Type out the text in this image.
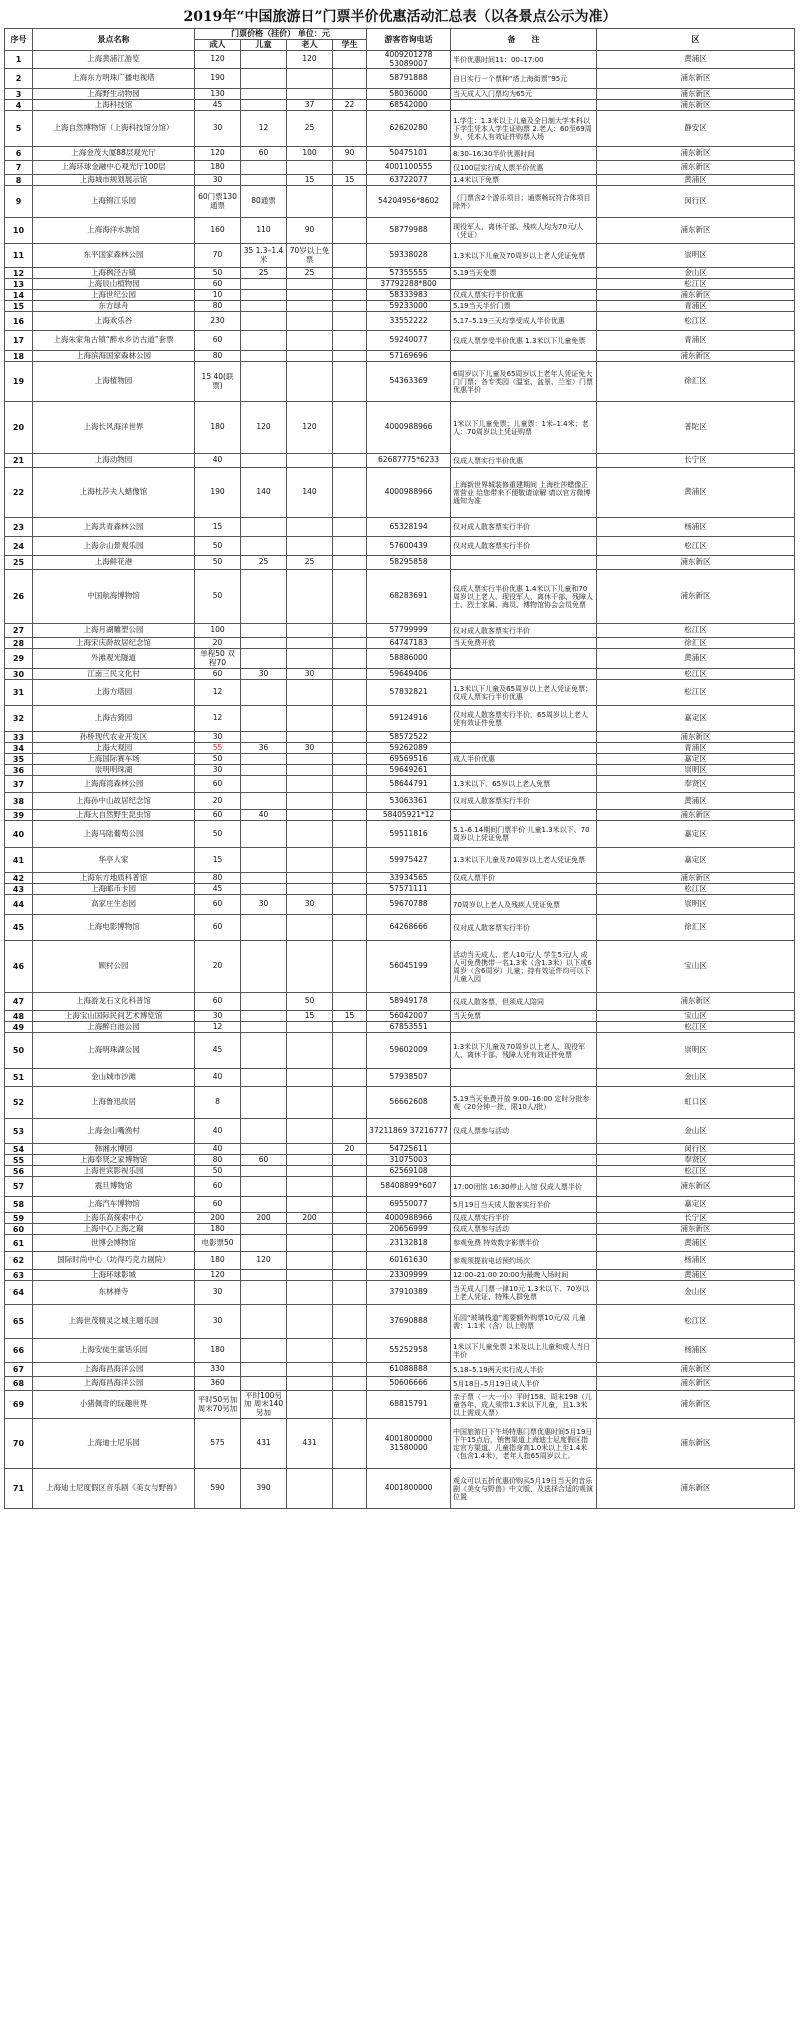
2019年“中国旅游日”门票半价优惠活动汇总表（以各景点公示为准）
序号	景点名称	门票价格（挂价） 单位：元				游客咨询电话	备　　注	区
		成人	儿童	老人	学生			
1	上海黄浦江游览	120		120		4009201278 53089007	半价优惠时间11：00–17:00	黄浦区
2	上海东方明珠广播电视塔	190				58791888	自日实行一个票种“塔上海街票”95元	浦东新区
3	上海野生动物园	130				58036000	当天成人入门票均为65元	浦东新区
4	上海科技馆	45		37	22	68542000		浦东新区
5	上海自然博物馆（上海科技馆分馆）	30	12	25		62620280	1.学生：1.3米以上儿童及全日制大学本科以下学生凭本人学生证购票 2.老人：60至69周岁，凭本人有效证件购票入场	静安区
6	上海金茂大厦88层观光厅	120	60	100	90	50475101	8:30–16:30半价优惠时间	浦东新区
7	上海环球金融中心观光厅100层	180				4001100555	仅100层实行成人票半价优惠	浦东新区
8	上海城市规划展示馆	30		15	15	63722077	1.4米以下免票	黄浦区
9	上海锦江乐园	60门票130通票	80通票			54204956*8602	（门票含2个游乐项目；通票畅玩符合体项目除外）	闵行区
10	上海海洋水族馆	160	110	90		58779988	现役军人、离休干部、残疾人均为70元/人（凭证）	浦东新区
11	东平国家森林公园	70	35 1.3–1.4米	70岁以上免票		59338028	1.3米以下儿童及70周岁以上老人凭证免票	崇明区
12	上海枫泾古镇	50	25	25		57355555	5.19当天免票	金山区
13	上海辰山植物园	60				37792288*800		松江区
14	上海世纪公园	10				58333983	仅成人票实行半价优惠	浦东新区
15	东方绿舟	80				59233000	5.19当天半价门票	青浦区
16	上海欢乐谷	230				33552222	5.17–5.19三天均享受成人半价优惠	松江区
17	上海朱家角古镇“醉水乡访古道”套票	60				59240077	仅成人票享受半价优惠 1.3米以下儿童免票	青浦区
18	上海滨海国家森林公园	80				57169696		浦东新区
19	上海植物园	15 40(联票)				54363369	6周岁以下儿童及65周岁以上老年人凭证免大门门票；各专类园（温室、盆景、兰室）门票优惠半价	徐汇区
20	上海长风海洋世界	180	120	120		4000988966	1米以下儿童免票；儿童票：1米–1.4米；老人：70周岁以上凭证购票	普陀区
21	上海动物园	40				62687775*6233	仅成人票实行半价优惠	长宁区
22	上海杜莎夫人蜡像馆	190	140	140		4000988966	上海新世界城装修重建期间 上海杜莎蜡像正常营业 给您带来不便敬请谅解 请以官方微博通知为准	黄浦区
23	上海共青森林公园	15				65328194	仅对成人散客票实行半价	杨浦区
24	上海佘山景观乐园	50				57600439	仅对成人散客票实行半价	松江区
25	上海鲜花港	50	25	25		58295858		浦东新区
26	中国航海博物馆	50				68283691	仅成人票实行半价优惠 1.4米以下儿童和70周岁以上老人、现役军人、离休干部、残障人士、烈士家属、海员、博物馆协会会员免票	浦东新区
27	上海月湖雕塑公园	100				57799999	仅对成人散客票实行半价	松江区
28	上海宋庆龄故居纪念馆	20				64747183	当天免费开放	徐汇区
29	外滩观光隧道	单程50 双程70				58886000		黄浦区
30	江南三民文化村	60	30	30		59649406		松江区
31	上海方塔园	12				57832821	1.3米以下儿童及65周岁以上老人凭证免票；仅成人票实行半价优惠	松江区
32	上海古猗园	12				59124916	仅对成人散客票实行半价，65周岁以上老人凭有效证件免票	嘉定区
33	孙桥现代农业开发区	30				58572522		浦东新区
34	上海大观园	55	36	30		59262089		青浦区
35	上海国际赛车场	50				69569516	成人半价优惠	嘉定区
36	崇明明珠湖	30				59649261		崇明区
37	上海海湾森林公园	60				58644791	1.3米以下、65岁以上老人免票	奉贤区
38	上海孙中山故居纪念馆	20				53063361	仅对成人散客票实行半价	黄浦区
39	上海大自然野生昆虫馆	60	40			58405921*12		浦东新区
40	上海马陆葡萄公园	50				59511816	5.1–6.14期间门票半价 儿童1.3米以下、70周岁以上凭证免票	嘉定区
41	华亭人家	15				59975427	1.3米以下儿童及70周岁以上老人凭证免票	嘉定区
42	上海东方地质科普馆	80				33934565	仅成人票半价	浦东新区
43	上海邮币卡园	45				57571111		松江区
44	高家庄生态园	60	30	30		59670788	70周岁以上老人及残疾人凭证免票	崇明区
45	上海电影博物馆	60				64268666	仅对成人散客票实行半价	徐汇区
46	顾村公园	20				56045199	活动当天成人、老人10元/人 学生5元/人 成人可免费携带一名1.3米（含1.3米）以下或6周岁（含6周岁）儿童；持有效证件均可以下儿童入园	宝山区
47	上海游龙石文化科普馆	60		50		58949178	仅成人散客票，但须成人陪同	浦东新区
48	上海宝山国际民间艺术博览馆	30		15	15	56042007	当天免票	宝山区
49	上海醉白池公园	12				67853551		松江区
50	上海明珠湖公园	45				59602009	1.3米以下儿童及70周岁以上老人、现役军人、离休干部、残障人凭有效证件免票	崇明区
51	金山城市沙滩	40				57938507		金山区
52	上海鲁迅故居	8				56662608	5.19当天免费开放 9:00–16:00 定时分批参观（20分钟一批，限10人/批）	虹口区
53	上海金山嘴渔村	40				37211869 37216777	仅成人票参与活动	金山区
54	韩湘水博园	40			20	54725611		闵行区
55	上海奉贤之家博物馆	80	60			31075003		奉贤区
56	上海世宾影视乐园	50				62569108		松江区
57	震旦博物馆	60				58408899*607	17:00闭馆 16:30停止入馆 仅成人票半价	浦东新区
58	上海汽车博物馆	60				69550077	5月19日当天成人散客实行半价	嘉定区
59	上海乐高探索中心	200	200	200		4000988966	仅成人票实行半价	长宁区
60	上海中心上海之巅	180				20656999	仅成人票参与活动	浦东新区
61	世博会博物馆	电影票50				23132818	参观免费 特效数字影票半价	黄浦区
62	国际时尚中心（坊得巧克力剧院）	180	120			60161630	参观须提前电话预约场次	杨浦区
63	上海环球影城	120				23309999	12:00–21:00 20:00为最晚入场时间	黄浦区
64	东林禅寺	30				37910389	当天成人门票一律10元 1.3米以下、70岁以上老人凭证、特殊人群免票	金山区
65	上海世茂精灵之城主题乐园	30				37690888	乐园“玻璃栈道”需要额外购票10元/双 儿童需：1.1米（含）以上购票	松江区
66	上海安徒生童话乐园	180				55252958	1米以下儿童免票 1米及以上儿童和成人当日半价	杨浦区
67	上海海昌海洋公园	330				61088888	5.18–5.19两天实行成人半价	浦东新区
68	上海海昌海洋公园	360				50606666	5月18日–5月19日成人半价	浦东新区
69	小猪佩奇的玩趣世界	平时50另加 周末70另加	平时100另加 周末140另加			68815791	亲子票（一大一小）平时158、周末198（儿童各年、成人须带1.3米以下儿童，且1.3米以上需成人票）	浦东新区
70	上海迪士尼乐园	575	431	431		4001800000 31580000	中国旅游日下午场特惠门票优惠时间5月19日下午15点后，销售渠道上海迪士尼度假区指定官方渠道，儿童指身高1.0米以上至1.4米（包含1.4米），老年人指65周岁以上。	浦东新区
71	上海迪士尼度假区音乐剧《美女与野兽》	590	390			4001800000	观众可以五折优惠价购买5月19日当天的音乐剧《美女与野兽》中文版，及选择合适的观演位置	浦东新区
